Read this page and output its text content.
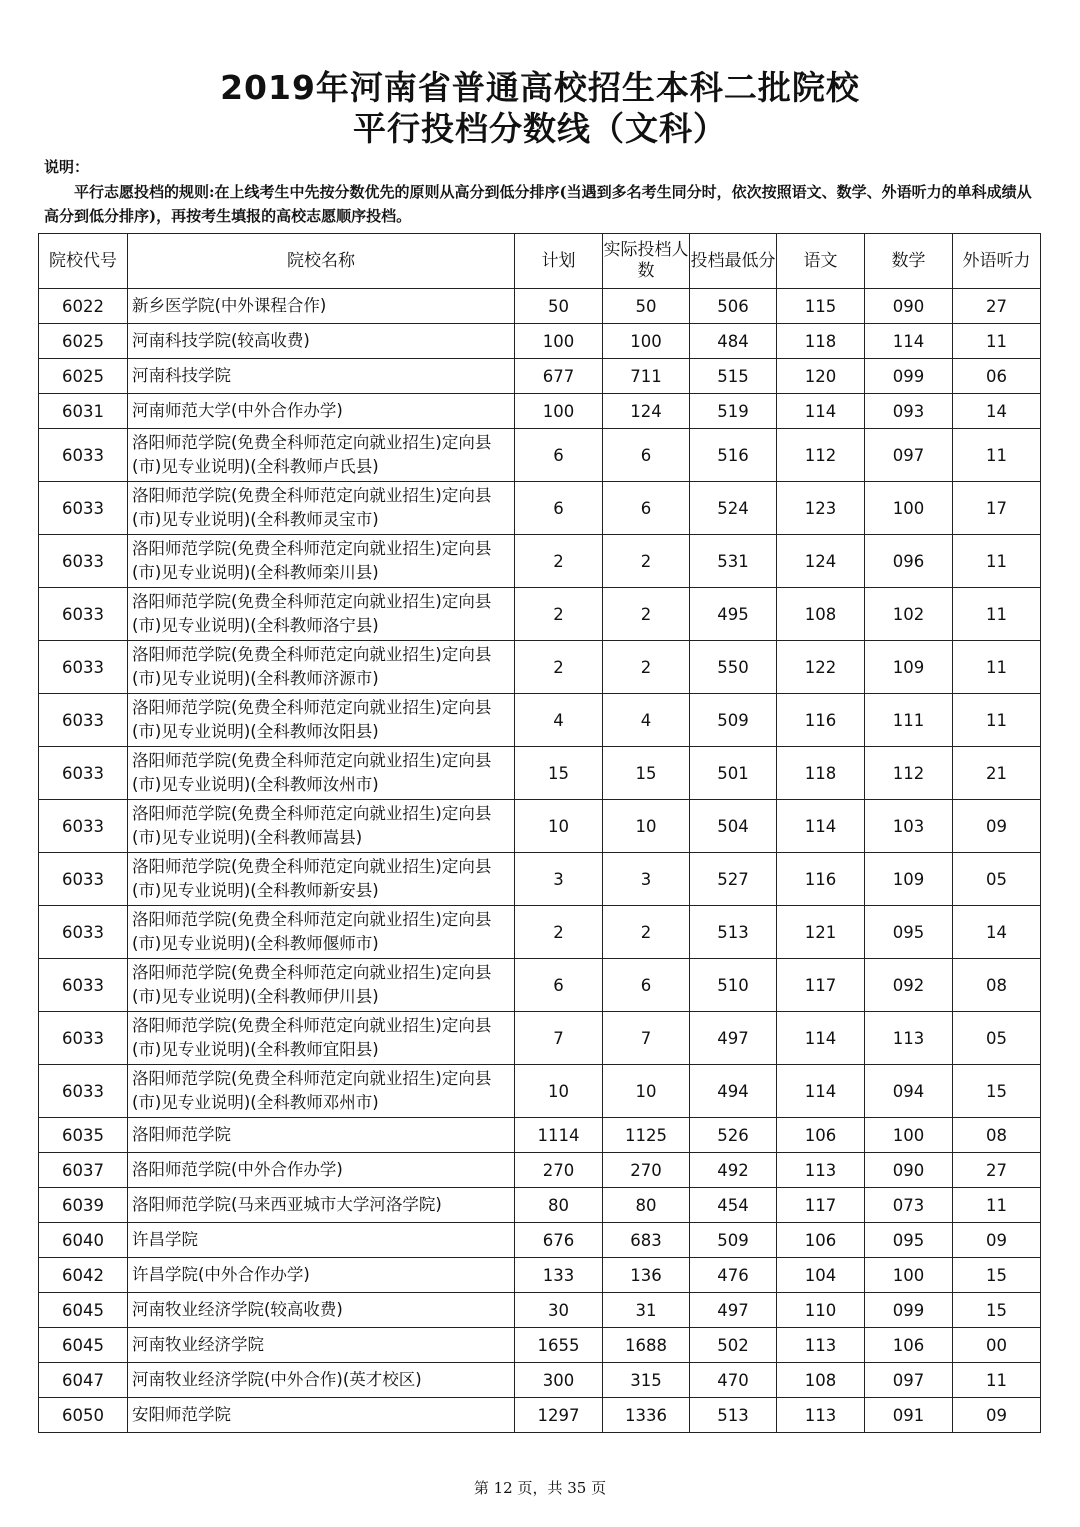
2019年河南省普通高校招生本科二批院校
平行投档分数线（文科）
说明：
平行志愿投档的规则:在上线考生中先按分数优先的原则从高分到低分排序(当遇到多名考生同分时，依次按照语文、数学、外语听力的单科成绩从高分到低分排序)，再按考生填报的高校志愿顺序投档。
院校代号	院校名称	计划	实际投档人数	投档最低分	语文	数学	外语听力
6022	新乡医学院(中外课程合作)	50	50	506	115	090	27
6025	河南科技学院(较高收费)	100	100	484	118	114	11
6025	河南科技学院	677	711	515	120	099	06
6031	河南师范大学(中外合作办学)	100	124	519	114	093	14
6033	洛阳师范学院(免费全科师范定向就业招生)定向县(市)见专业说明)(全科教师卢氏县)	6	6	516	112	097	11
6033	洛阳师范学院(免费全科师范定向就业招生)定向县(市)见专业说明)(全科教师灵宝市)	6	6	524	123	100	17
6033	洛阳师范学院(免费全科师范定向就业招生)定向县(市)见专业说明)(全科教师栾川县)	2	2	531	124	096	11
6033	洛阳师范学院(免费全科师范定向就业招生)定向县(市)见专业说明)(全科教师洛宁县)	2	2	495	108	102	11
6033	洛阳师范学院(免费全科师范定向就业招生)定向县(市)见专业说明)(全科教师济源市)	2	2	550	122	109	11
6033	洛阳师范学院(免费全科师范定向就业招生)定向县(市)见专业说明)(全科教师汝阳县)	4	4	509	116	111	11
6033	洛阳师范学院(免费全科师范定向就业招生)定向县(市)见专业说明)(全科教师汝州市)	15	15	501	118	112	21
6033	洛阳师范学院(免费全科师范定向就业招生)定向县(市)见专业说明)(全科教师嵩县)	10	10	504	114	103	09
6033	洛阳师范学院(免费全科师范定向就业招生)定向县(市)见专业说明)(全科教师新安县)	3	3	527	116	109	05
6033	洛阳师范学院(免费全科师范定向就业招生)定向县(市)见专业说明)(全科教师偃师市)	2	2	513	121	095	14
6033	洛阳师范学院(免费全科师范定向就业招生)定向县(市)见专业说明)(全科教师伊川县)	6	6	510	117	092	08
6033	洛阳师范学院(免费全科师范定向就业招生)定向县(市)见专业说明)(全科教师宜阳县)	7	7	497	114	113	05
6033	洛阳师范学院(免费全科师范定向就业招生)定向县(市)见专业说明)(全科教师邓州市)	10	10	494	114	094	15
6035	洛阳师范学院	1114	1125	526	106	100	08
6037	洛阳师范学院(中外合作办学)	270	270	492	113	090	27
6039	洛阳师范学院(马来西亚城市大学河洛学院)	80	80	454	117	073	11
6040	许昌学院	676	683	509	106	095	09
6042	许昌学院(中外合作办学)	133	136	476	104	100	15
6045	河南牧业经济学院(较高收费)	30	31	497	110	099	15
6045	河南牧业经济学院	1655	1688	502	113	106	00
6047	河南牧业经济学院(中外合作)(英才校区)	300	315	470	108	097	11
6050	安阳师范学院	1297	1336	513	113	091	09
第 12 页，共 35 页
